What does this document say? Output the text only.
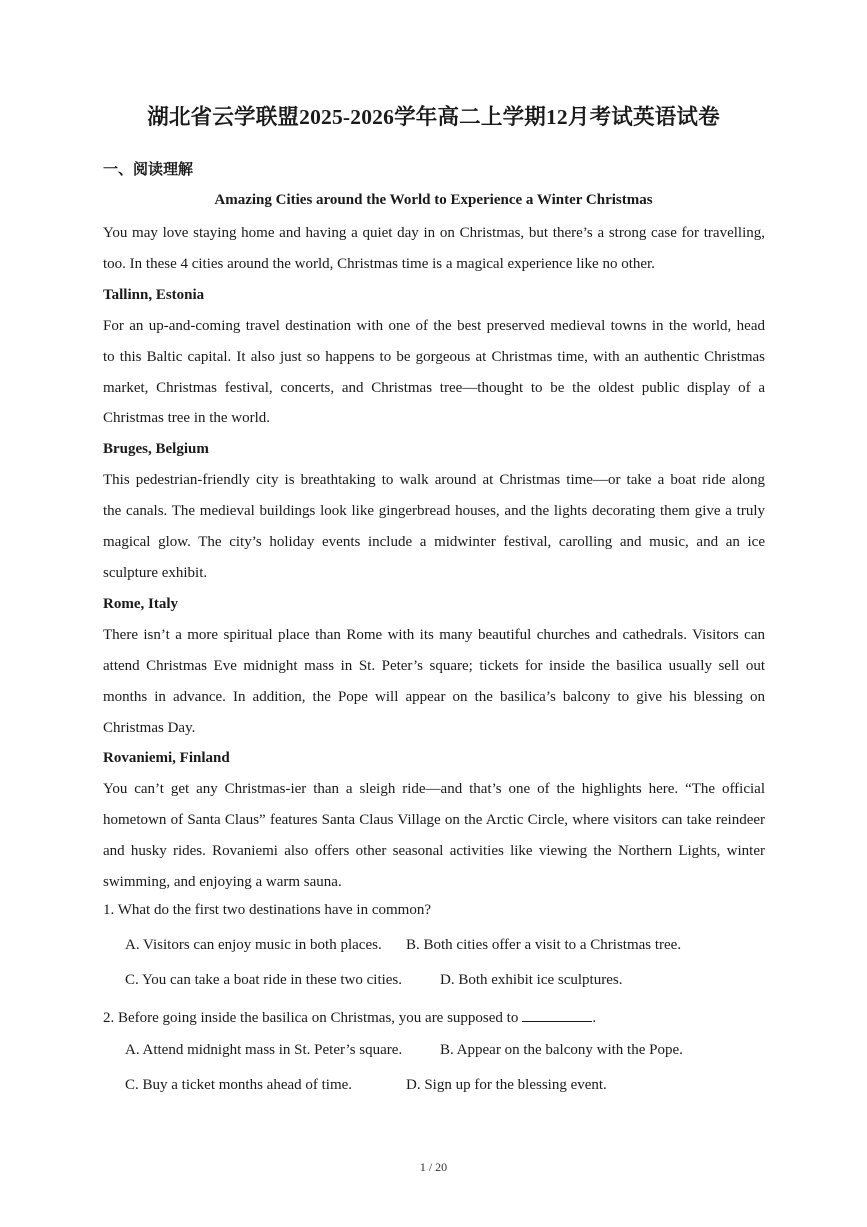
湖北省云学联盟2025-2026学年高二上学期12月考试英语试卷
一、阅读理解
Amazing Cities around the World to Experience a Winter Christmas

You may love staying home and having a quiet day in on Christmas, but there’s a strong case for travelling,

too. In these 4 cities around the world, Christmas time is a magical experience like no other.

Tallinn, Estonia

For an up-and-coming travel destination with one of the best preserved medieval towns in the world, head

to this Baltic capital. It also just so happens to be gorgeous at Christmas time, with an authentic Christmas

market, Christmas festival, concerts, and Christmas tree—thought to be the oldest public display of a

Christmas tree in the world.

Bruges, Belgium

This pedestrian-friendly city is breathtaking to walk around at Christmas time—or take a boat ride along

the canals. The medieval buildings look like gingerbread houses, and the lights decorating them give a truly

magical glow. The city’s holiday events include a midwinter festival, carolling and music, and an ice

sculpture exhibit.

Rome, Italy

There isn’t a more spiritual place than Rome with its many beautiful churches and cathedrals. Visitors can

attend Christmas Eve midnight mass in St. Peter’s square; tickets for inside the basilica usually sell out

months in advance. In addition, the Pope will appear on the basilica’s balcony to give his blessing on

Christmas Day.

Rovaniemi, Finland

You can’t get any Christmas-ier than a sleigh ride—and that’s one of the highlights here. “The official

hometown of Santa Claus” features Santa Claus Village on the Arctic Circle, where visitors can take reindeer

and husky rides. Rovaniemi also offers other seasonal activities like viewing the Northern Lights, winter

swimming, and enjoying a warm sauna.

1. What do the first two destinations have in common?
A. Visitors can enjoy music in both places. B. Both cities offer a visit to a Christmas tree.
C. You can take a boat ride in these two cities.	D. Both exhibit ice sculptures.
2. Before going inside the basilica on Christmas, you are supposed to	.
A. Attend midnight mass in St. Peter’s square.	B. Appear on the balcony with the Pope.
C. Buy a ticket months ahead of time.	D. Sign up for the blessing event.
1 / 20
